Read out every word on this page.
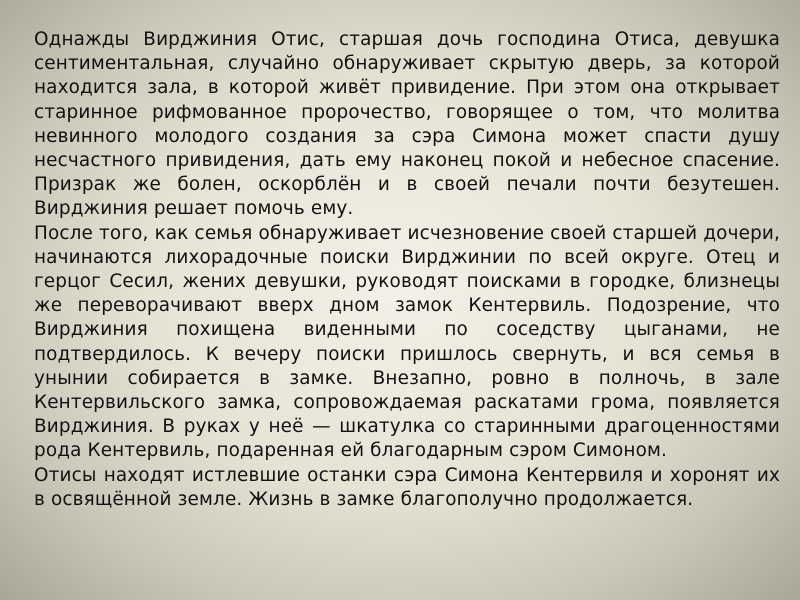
Однажды Вирджиния Отис, старшая дочь господина Отиса, девушка сентиментальная, случайно обнаруживает скрытую дверь, за которой находится зала, в которой живёт привидение. При этом она открывает старинное рифмованное пророчество, говорящее о том, что молитва невинного молодого создания за сэра Симона может спасти душу несчастного привидения, дать ему наконец покой и небесное спасение. Призрак же болен, оскорблён и в своей печали почти безутешен. Вирджиния решает помочь ему.

После того, как семья обнаруживает исчезновение своей старшей дочери, начинаются лихорадочные поиски Вирджинии по всей округе. Отец и герцог Сесил, жених девушки, руководят поисками в городке, близнецы же переворачивают вверх дном замок Кентервиль. Подозрение, что Вирджиния похищена виденными по соседству цыганами, не подтвердилось. К вечеру поиски пришлось свернуть, и вся семья в унынии собирается в замке. Внезапно, ровно в полночь, в зале Кентервильского замка, сопровождаемая раскатами грома, появляется Вирджиния. В руках у неё — шкатулка со старинными драгоценностями рода Кентервиль, подаренная ей благодарным сэром Симоном.

Отисы находят истлевшие останки сэра Симона Кентервиля и хоронят их в освящённой земле. Жизнь в замке благополучно продолжается.
